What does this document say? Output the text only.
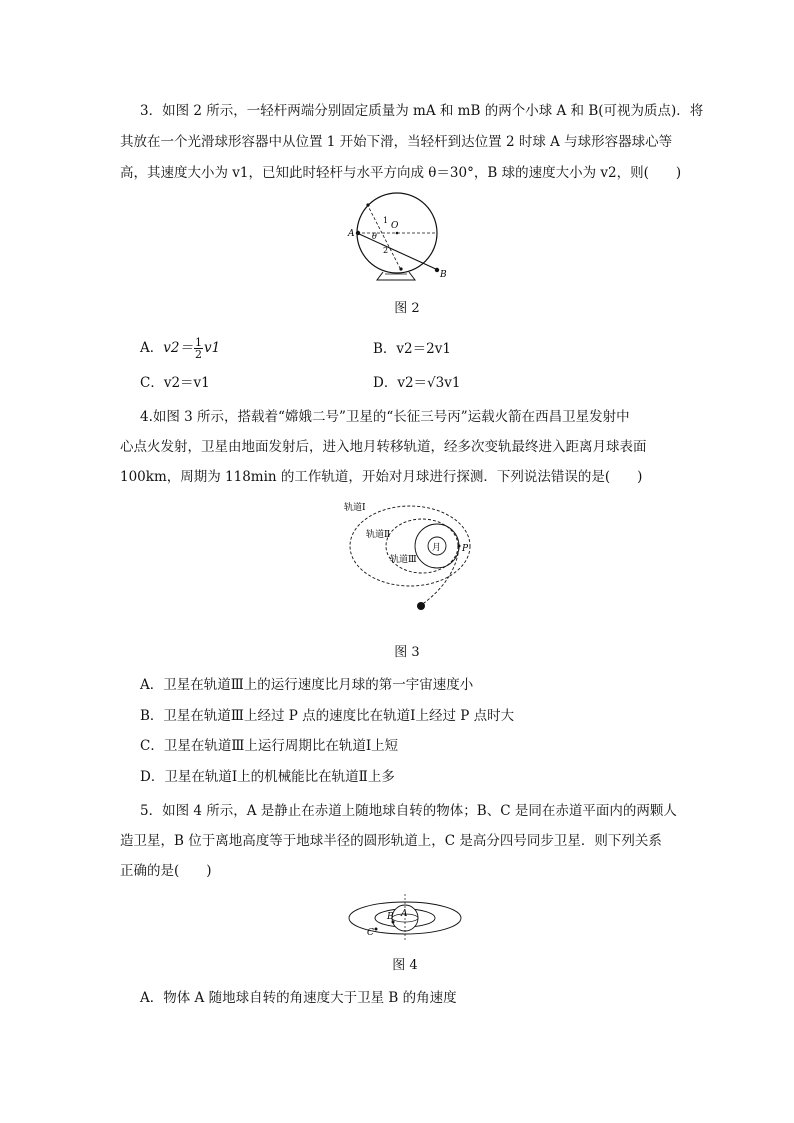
3．如图 2 所示，一轻杆两端分别固定质量为 mA 和 mB 的两个小球 A 和 B(可视为质点)．将
其放在一个光滑球形容器中从位置 1 开始下滑，当轻杆到达位置 2 时球 A 与球形容器球心等
高，其速度大小为 v1，已知此时轻杆与水平方向成 θ＝30°，B 球的速度大小为 v2，则(　　)
A
B
O
1
2
θ
图 2
A．$v2= \frac{1}{2} v1$	B．v2＝2v1
C．v2＝v1	D．v2＝√3v1
4.如图 3 所示，搭载着“嫦娥二号”卫星的“长征三号丙”运载火箭在西昌卫星发射中
心点火发射，卫星由地面发射后，进入地月转移轨道，经多次变轨最终进入距离月球表面
100km，周期为 118min 的工作轨道，开始对月球进行探测．下列说法错误的是(　　)
轨道Ⅰ
轨道Ⅱ
轨道Ⅲ
月 P
图 3
A．卫星在轨道Ⅲ上的运行速度比月球的第一宇宙速度小
B．卫星在轨道Ⅲ上经过 P 点的速度比在轨道Ⅰ上经过 P 点时大
C．卫星在轨道Ⅲ上运行周期比在轨道Ⅰ上短
D．卫星在轨道Ⅰ上的机械能比在轨道Ⅱ上多
5．如图 4 所示，A 是静止在赤道上随地球自转的物体；B、C 是同在赤道平面内的两颗人
造卫星，B 位于离地高度等于地球半径的圆形轨道上，C 是高分四号同步卫星．则下列关系
正确的是(　　)
A
B
C
图 4
A．物体 A 随地球自转的角速度大于卫星 B 的角速度
